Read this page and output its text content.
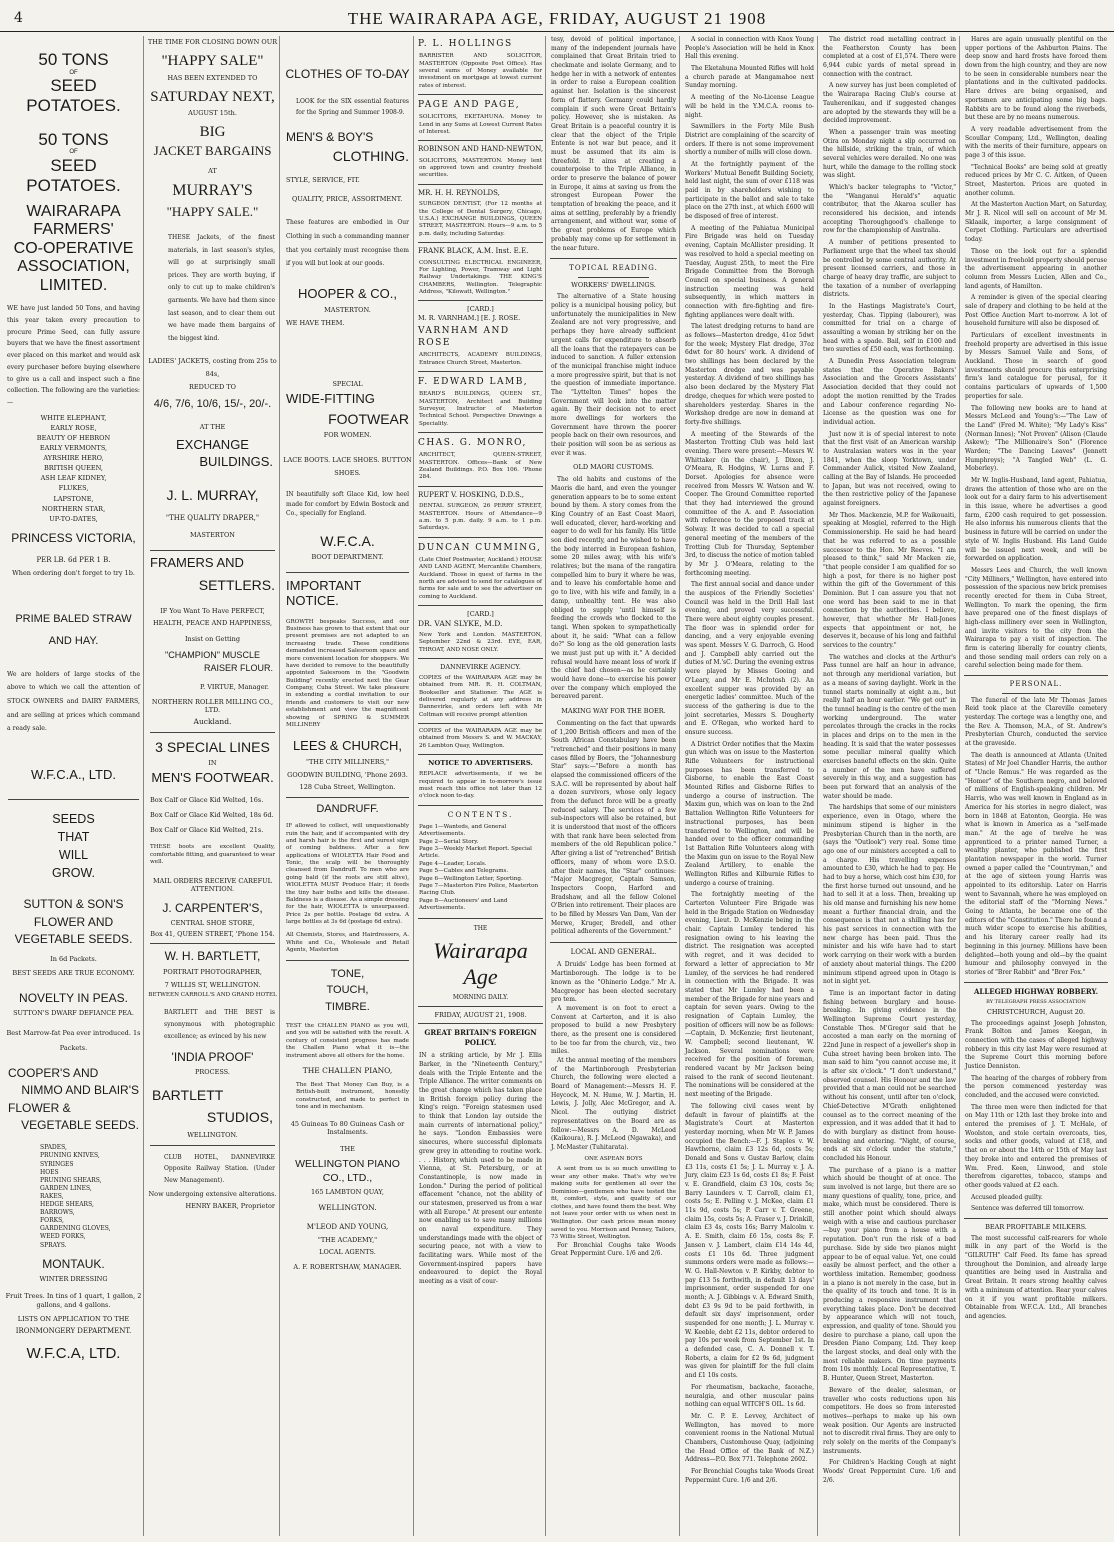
4	THE WAIRARAPA AGE, FRIDAY, AUGUST 21 1908
50 TONS
OF
SEED POTATOES.
50 TONS
OF
SEED POTATOES.
WAIRARAPA
FARMERS'
CO-OPERATIVE
ASSOCIATION,
LIMITED.
WE have just landed 50 Tons, and having this year taken every precaution to procure Prime Seed, can fully assure buyers that we have the finest assortment ever placed on this market and would ask every purchaser before buying elsewhere to give us a call and inspect such a fine collection. The following are the varieties:—
WHITE ELEPHANT,
EARLY ROSE,
BEAUTY OF HEBRON
EARLY VERMONTS,
AYRSHIRE HERO,
BRITISH QUEEN,
ASH LEAF KIDNEY,
FLUKES,
LAPSTONE,
NORTHERN STAR,
UP-TO-DATES,
PRINCESS VICTORIA,
PER LB. 6d PER 1 B.
When ordering don't forget to try 1b.
PRIME BALED STRAW
AND HAY.
We are holders of large stocks of the above to which we call the attention of STOCK OWNERS and DAIRY FARMERS, and are selling at prices which command a ready sale.
W.F.C.A., LTD.
SEEDS
THAT
WILL
GROW.
SUTTON & SON'S
FLOWER AND
VEGETABLE SEEDS.
In 6d Packets.
BEST SEEDS ARE TRUE ECONOMY.
NOVELTY IN PEAS.
SUTTON'S DWARF DEFIANCE PEA.
Best Marrow-fat Pea ever introduced. 1s Packets.
COOPER'S AND
NIMMO AND BLAIR'S
FLOWER &
VEGETABLE SEEDS.
SPADES,
PRUNING KNIVES,
SYRINGES
HOES
PRUNING SHEARS,
GARDEN LINES,
RAKES,
HEDGE SHEARS,
BARROWS,
FORKS,
GARDENING GLOVES,
WEED FORKS,
SPRAYS.
MONTAUK.
WINTER DRESSING
Fruit Trees. In tins of 1 quart, 1 gallon, 2 gallons, and 4 gallons.
LISTS ON APPLICATION TO THE
IRONMONGERY DEPARTMENT.
W.F.C.A, LTD.
THE TIME FOR CLOSING DOWN OUR
"HAPPY SALE"
HAS BEEN EXTENDED TO
SATURDAY NEXT,
AUGUST 15th.
BIG
JACKET BARGAINS
AT
MURRAY'S
"HAPPY SALE."
THESE Jackets, of the finest materials, in last season's styles, will go at surprisingly small prices. They are worth buying, if only to cut up to make children's garments. We have had them since last season, and to clear them out we have made them bargains of the biggest kind.
LADIES' JACKETS, costing from 25s to 84s,
REDUCED TO
4/6, 7/6, 10/6, 15/-, 20/-.
AT THE
EXCHANGE
BUILDINGS.
J. L. MURRAY,
"THE QUALITY DRAPER,"
MASTERTON
FRAMERS AND
SETTLERS.
IF You Want To Have PERFECT, HEALTH, PEACE AND HAPPINESS,
Insist on Getting
"CHAMPION" MUSCLE
RAISER FLOUR.
P. VIRTUE, Manager.
NORTHERN ROLLER MILLING CO., LTD.
Auckland.
3 SPECIAL LINES
IN
MEN'S FOOTWEAR.
Box Calf or Glace Kid Welted, 16s.
Box Calf or Glace Kid Welted, 18s 6d.
Box Calf or Glace Kid Welted, 21s.
THESE boots are excellent Quality, comfortable fitting, and guaranteed to wear well.
MAIL ORDERS RECEIVE CAREFUL ATTENTION.
J. CARPENTER'S,
CENTRAL SHOE STORE,
Box 41, QUEEN STREET, 'Phone 154.
W. H. BARTLETT,
PORTRAIT PHOTOGRAPHER,
7 WILLIS ST, WELLINGTON.
BETWEEN CARROLL'S AND GRAND HOTEL
BARTLETT and THE BEST is synonymous with photographic excellence; as evinced by his new
'INDIA PROOF'
PROCESS.
BARTLETT
STUDIOS,
WELLINGTON.
CLUB HOTEL, DANNEVIRKE Opposite Railway Station. (Under New Management).
Now undergoing extensive alterations.
HENRY BAKER, Proprietor
CLOTHES OF TO-DAY
LOOK for the SIX essential features for the Spring and Summer 1908-9.
MEN'S & BOY'S
CLOTHING.
STYLE, SERVICE, FIT.
QUALITY, PRICE, ASSORTMENT.
These features are embodied in Our Clothing in such a commanding manner that you certainly must recognise them if you will but look at our goods.
HOOPER & CO.,
MASTERTON.
WE HAVE THEM.
SPECIAL
WIDE-FITTING
FOOTWEAR
FOR WOMEN.
LACE BOOTS. LACE SHOES. BUTTON SHOES.
IN beautifully soft Glace Kid, low heel made for comfort by Edwin Bostock and Co., specially for England.
W.F.C.A.
BOOT DEPARTMENT.
IMPORTANT NOTICE.
GROWTH bespeaks Success, and our Business has grown to that extent that our present premises are not adapted to an increasing trade. These conditions demanded increased Salesroom space and more convenient location for shoppers. We have decided to remove to the beautifully appointed Salesroom in the "Goodwin Building" recently erected next the Gear Company, Cuba Street. We take pleasure in extending a cordial invitation to our friends and customers to visit our new establishment and view the magnificent showing of SPRING & SUMMER MILLINERY
LEES & CHURCH,
"THE CITY MILLINERS,"
GOODWIN BUILDING, 'Phone 2693.
128 Cuba Street, Wellington.
DANDRUFF.
IF allowed to collect, will unquestionably ruin the hair, and if accompanied with dry and harsh hair is the first and surest sign of coming baldness. After a few applications of WIOLETTA Hair Food and Tonic, the scalp will be thoroughly cleansed from Dandruff. To men who are going bald (if the roots are still alive), WIOLETTA MUST Produce Hair; it feeds the tiny hair bulbs and kills the disease. Baldness is a disease. As a simple dressing for the hair, WIOLETTA is unsurpassed. Price 2s per bottle. Postage 6d extra. A large bottles at 3s 6d (postage 6d extra).
All Chemists, Stores, and Hairdressers, A. White and Co., Wholesale and Retail Agents, Masterton
TONE,
TOUCH,
TIMBRE.
TEST the CHALLEN PIANO as you will, and you will be satisfied with the result. A century of consistent progress has made the Challen Piano what it is—the instrument above all others for the home.
THE CHALLEN PIANO,
The Best That Money Can Buy, is a British-built instrument, honestly constructed, and made to perfect in tone and in mechanism.
45 Guineas To 80 Guineas Cash or Instalments.
THE
WELLINGTON PIANO
CO., LTD.,
165 LAMBTON QUAY,
WELLINGTON.
M'LEOD AND YOUNG,
"THE ACADEMY,"
LOCAL AGENTS.
A. F. ROBERTSHAW, MANAGER.
P. L. HOLLINGS
BARRISTER AND SOLICITOR, MASTERTON (Opposite Post Office). Has several sums of Money available for investment on mortgage at lowest current rates of interest.
PAGE AND PAGE,
SOLICITORS, EKETAHUNA. Money to Lend in any Sums at Lowest Current Rates of Interest.
ROBINSON AND HAND-NEWTON,
SOLICITORS, MASTERTON. Money lent on approved town and country freehold securities.
MR. H. H. REYNOLDS,
SURGEON DENTIST, (For 12 months at the College of Dental Surgery, Chicago, U.S.A.) EXCHANGE BUILDINGS, QUEEN STREET, MASTERTON. Hours—9 a.m. to 5 p.m. daily, including Saturday.
FRANK BLACK, A.M. Inst. E.E.
CONSULTING ELECTRICAL ENGINEER, For Lighting, Power, Tramway and Light Railway Undertakings. THE KING'S CHAMBERS, Wellington. Telegraphic Address, "Kilowatt, Wellington."
[CARD.]
M. R. VARNHAM.] [E. J. ROSE.
VARNHAM AND ROSE
ARCHITECTS, ACADEMY BUILDINGS, Entrance Church Street, Masterton.
F. EDWARD LAMB,
BEARD'S BUILDINGS, QUEEN ST., MASTERTON, Architect and Building Surveyor, Instructor of Masterton Technical School. Perspective Drawings a Speciality.
CHAS. G. MONRO,
ARCHITECT, QUEEN-STREET, MASTERTON. Offices—Bank of New Zealand Buildings. P.O. Box 106. 'Phone 284.
RUPERT V. HOSKING, D.D.S.,
DENTAL SURGEON, 26 PERRY STREET, MASTERTON. Hours of Attendance—9 a.m. to 5 p.m. daily. 9 a.m. to 1 p.m. Saturdays.
DUNCAN CUMMING,
(Late Chief Postmaster, Auckland.) HOUSE AND LAND AGENT, Mercantile Chambers, Auckland. Those in quest of farms in the north are advised to send for catalogues of farms for sale and to see the advertiser on coming to Auckland.
[CARD.]
DR. VAN SLYKE, M.D.
New York and London. MASTERTON, September 22nd & 23rd. EYE, EAR, THROAT, AND NOSE ONLY.
DANNEVIRKE AGENCY.
COPIES of the WAIRARAPA AGE may be obtained from MR. R. H. COLTMAN, Bookseller and Stationer. The AGE is delivered regularly at any address in Dannevirke, and orders left with Mr Coltman will receive prompt attention
COPIES of the WAIRARAPA AGE may be obtained from Messrs S. and W. MACKAY, 26 Lambton Quay, Wellington.
NOTICE TO ADVERTISERS.
REPLACE advertisements, if we be required to appear in to-morrow's issue must reach this office not later than 12 o'clock noon to-day.
CONTENTS.
Page 1—Wanteds, and General Advertisements.
Page 2—Serial Story.
Page 3—Weekly Market Report. Special Article.
Page 4—Leader, Locals.
Page 5—Cables and Telegrams.
Page 6—Wellington Letter, Sporting.
Page 7—Masterton Fire Police, Masterton Racing Club.
Page 8—Auctioneers' and Land Advertisements.
THE
Wairarapa Age
MORNING DAILY.
FRIDAY, AUGUST 21, 1908.
GREAT BRITAIN'S FOREIGN POLICY.
IN a striking article, by Mr J. Ellis Barker, in the "Nineteenth Century," deals with the Triple Entente and the Triple Alliance. The writer comments on the great change which has taken place in British foreign policy during the King's reign. "Foreign statesmen used to think that London lay outside the main currents of international policy," he says. "London Embassies were sinecures, where successful diplomats grew grey in attending to routine work. . . . History, which used to be made in Vienna, at St. Petersburg, or at Constantinople, is now made in London." During the period of political effacement "chance, not the ability of our statesmen, preserved us from a war with all Europe." At present our entente now enabling us to save many millions on naval expenditure. They understandings made with the object of securing peace, not with a view to facilitating wars. While most of the Government-inspired papers have endeavoured to depict the Royal meeting as a visit of cour-
tesy, devoid of political importance, many of the independent journals have complained that Great Britain tried to checkmate and isolate Germany, and to hedge her in with a network of ententes in order to raise a European coalition against her. Isolation is the sincerest form of flattery. Germany could hardly complain if such were Great Britain's policy. However, she is mistaken. As Great Britain is a peaceful country it is clear that the object of the Triple Entente is not war but peace, and it must be assumed that its aim is threefold. It aims at creating a counterpoise to the Triple Alliance, in order to preserve the balance of power in Europe, it aims at saving us from the strongest European Power the temptation of breaking the peace, and it aims at settling, preferably by a friendly arrangement, and without war, some of the great problems of Europe which probably may come up for settlement in the near future.
TOPICAL READING.
WORKERS' DWELLINGS.
The alternative of a State housing policy is a municipal housing policy, but unfortunately the municipalities in New Zealand are not very progressive, and perhaps they have already sufficient urgent calls for expenditure to absorb all the loans that the ratepayers can be induced to sanction. A fuller extension of the municipal franchise might induce a more progressive spirit, but that is not the question of immediate importance. The "Lyttelton Times" hopes the Government will look into the matter again. By their decision not to erect more dwellings for workers the Government have thrown the poorer people back on their own resources, and their position will soon be as serious as ever it was.
OLD MAORI CUSTOMS.
The old habits and customs of the Maoris die hard, and even the younger generation appears to be to some extent bound by them. A story comes from the King Country of an East Coast Maori, well educated, clever, hard-working and eager to do well for his family. His 'little son died recently, and he wished to have the body interred in European fashion, some 20 miles away, with his wife's relatives; but the mana of the rangatira compelled him to bury it where he was, and to leave his comfortable home and go to live, with his wife and family, in a damp, unhealthy tent. He was also obliged to supply 'until himself is feeding the crowds who flocked to the tangi. When spoken to sympathetically about it, he said: "What can a fellow do?" So long as the old generation lasts we must just put up with it." A decided refusal would have meant loss of work if the chief had chosen—as he certainly would have done—to exercise his power over the company which employed the bereaved parent.
MAKING WAY FOR THE BOER.
Commenting on the fact that upwards of 1,200 British officers and men of the South African Constabulary have been "retrenched" and their positions in many cases filled by Boers, the "Johannesburg Star" says:—"Before a month has elapsed the commissioned officers of the S.A.C. will be represented by about half a dozen survivors, whose only legacy from the defunct force will be a greatly reduced salary. The services of a few sub-inspectors will also be retained, but it is understood that most of the officers with that rank have been selected from members of the old Republican police." After giving a list of "retrenched" British officers, many of whom wore D.S.O. after their names, the "Star" continues: "Major Macgregor, Captain Samson, Inspectors Coopn, Harford and Bradshaw, and all the fellow Colonel O'Brien into retirement. Their places are to be filled by Messrs Van Dam, Van der Merwe, Kruger, Bredell, and other political adherents of the Government."
LOCAL AND GENERAL.
A Druids' Lodge has been formed at Martinborough. The lodge is to be known as the "Ohinerio Lodge." Mr A. Macgregor has been elected secretary pro tem.
A movement is on foot to erect a Convent at Carterton, and it is also proposed to build a new Presbytery there, as the present one is considered to be too far from the church, viz., two miles.
At the annual meeting of the members of the Martinborough Presbyterian Church, the following were elected a Board of Management:—Messrs H. F. Heycock, M. N. Hume, W. J. Martin, H. Lewis, J. Jolly, Alec McGregor, and A. Nicol. The outlying district representatives on the Board are as follow:—Messrs A. D. McLeod (Kaikoura), R. J. McLeod (Ngawaka), and J. McMaster (Tuhitarata).
ONE ASPEAN BOYS
A sent from us is so much unwilling to wear any other make. That's why we're making suits for gentlemen all over the Dominion—gentlemen who have tested the fit, comfort, style, and quality of our clothes, and have found them the best. Why not leave your order with us when next in Wellington. Our cash prices mean money saved to you. Morrison and Penney, Tailors, 73 Willis Street, Wellington.
For Bronchial Coughs take Woods Great Peppermint Cure. 1/6 and 2/6.
A social in connection with Knox Young People's Association will be held in Knox Hall this evening.
The Eketahuna Mounted Rifles will hold a church parade at Mangamahoe next Sunday morning.
A meeting of the No-License League will be held in the Y.M.C.A. rooms to-night.
Sawmillers in the Forty Mile Bush District are complaining of the scarcity of orders. If there is not some improvement shortly a number of mills will close down.
At the fortnightly payment of the Workers' Mutual Benefit Building Society, held last night, the sum of over £118 was paid in by shareholders wishing to participate in the ballot and sale to take place on the 27th inst., at which £600 will be disposed of free of interest.
A meeting of the Pahiatua Municipal Fire Brigade was held on Tuesday evening, Captain McAllister presiding. It was resolved to hold a special meeting on Tuesday, August 25th, to meet the Fire Brigade Committee from the Borough Council on special business. A general instruction meeting was held subsequently, in which matters in connection with fire-fighting and fire-fighting appliances were dealt with.
The latest dredging returns to hand are as follows—Masterton dredge, 41oz 5dwt for the week; Mystery Flat dredge, 37oz 6dwt for 80 hours' work. A dividend of two shillings has been declared by the Masterton dredge and was payable yesterday. A dividend of two shillings has also been declared by the Mystery Flat dredge, cheques for which were posted to shareholders yesterday. Shares in the Workshop dredge are now in demand at forty-five shillings.
A meeting of the Stewards of the Masterton Trotting Club was held last evening. There were present:—Messrs W. Whittaker (in the chair), J. Dixon, J. O'Meara, R. Hodgins, W. Lurns and F. Dorset. Apologies for absence were received from Messrs W. Watson and W. Cooper. The Ground Committee reported that they had interviewed the ground committee of the A. and P. Association with reference to the proposed track at Solway. It was decided to call a special general meeting of the members of the Trotting Club for Thursday, September 3rd, to discuss the notice of motion tabled by Mr J. O'Meara, relating to the forthcoming meeting.
The first annual social and dance under the auspices of the Friendly Societies' Council was held in the Drill Hall last evening, and proved very successful. There were about eighty couples present. The floor was in splendid order for dancing, and a very enjoyable evening was spent. Messrs V. G. Darroch, G. Hood and J. Campbell ably carried out the duties of M.'sC. During the evening extras were played by Misses Gooing and O'Leary, and Mr E. McIntosh (2). An excellent supper was provided by an energetic ladies' committee. Much of the success of the gathering is due to the joint secretaries, Messrs S. Dougherty and E. O'Regan, who worked hard to ensure success.
A District Order notifies that the Maxim gun which was on issue to the Masterton Rifle Volunteers for instructional purposes has been transferred to Gisborne, to enable the East Coast Mounted Rifles and Gisborne Rifles to undergo a course of instruction. The Maxim gun, which was on loan to the 2nd Battalion Wellington Rifle Volunteers for instructional purposes, has been transferred to Wellington, and will be handed over to the officer commanding 1st Battalion Rifle Volunteers along with the Maxim gun on issue to the Royal New Zealand Artillery, to enable the Wellington Rifles and Kilburnie Rifles to undergo a course of training.
The fortnightly meeting of the Carterton Volunteer Fire Brigade was held in the Brigade Station on Wednesday evening, Lieut. D. McKenzie being in the chair. Captain Lumley tendered his resignation owing to his leaving the district. The resignation was accepted with regret, and it was decided to forward a letter of appreciation to Mr Lumley, of the services he had rendered in connection with the Brigade. It was stated that Mr Lumley had been a member of the Brigade for nine years and captain for seven years. Owing to the resignation of Captain Lumley, the position of officers will now be as follows:—Captain, D. McKenzie; first lieutenant, W. Campbell; second lieutenant, W. Jackson. Several nominations were received for the position of foreman, rendered vacant by Mr Jackson being raised to the rank of second lieutenant. The nominations will be considered at the next meeting of the Brigade.
The following civil cases went by default in favour of plaintiffs at the Magistrate's Court at Masterton yesterday morning, when Mr W. P. James occupied the Bench:—F. J. Staples v. W. Hawthorne, claim £3 12s 6d, costs 5s; Donald and Sons v. Gustav Barlow, claim £3 11s, costs £1 5s; J. L. Murray v. J. A. Jury, claim £23 1s 6d, costs £1 8s; F. Feist v. E. Grandfield, claim £3 10s, costs 5s; Barry Launders v. T. Carroll, claim £1, costs 5s; E. Pelling v. J. McKee, claim £1 11s 9d, costs 5s; P. Carr v. T. Greene, claim 15s, costs 5s; A. Fraser v. J. Drinkill, claim £3 4s, costs 16s; Barry Malcolm v. A. E. Smith, claim £6 15s, costs 8s; F. Jansen v. J. Lambert, claim £14 14s 4d, costs £1 10s 6d. Three judgment summons orders were made as follows:—W. G. Hall-Newton v. P. Kirkby, debtor to pay £13 5s forthwith, in default 13 days' imprisonment, order suspended for one month; A. J. Gibbings v. A. Edward Smith, debt £3 9s 9d to be paid forthwith, in default six days' imprisonment, order suspended for one month; J. L. Murray v. W. Keeble, debt £2 11s, debtor ordered to pay 10s per week from September 1st. In a defended case, C. A. Donnell v. T. Roberts, a claim for £2 9s 6d, judgment was given for plaintiff for the full claim and £1 10s costs.
For rheumatism, backache, faceache, neuralgia, and other muscular pains nothing can equal WITCH'S OIL. 1s 6d.
Mr. C. P. E. Levvey, Architect of Wellington, has moved to more convenient rooms in the National Mutual Chambers, Customhouse Quay, (adjoining the Head Office of the Bank of N.Z.) Address—P.O. Box 771. Telephone 2602.
For Bronchial Coughs take Woods Great Peppermint Cure. 1/6 and 2/6.
The district road metalling contract in the Featherston County has been completed at a cost of £1,574. There were 6,944 cubic yards of metal spread in connection with the contract.
A new survey has just been completed of the Wairarapa Racing Club's course at Tauherenikau, and if suggested changes are adopted by the stewards they will be a decided improvement.
When a passenger train was meeting Otira on Monday night a slip occurred on the hillside, striking the train, of which several vehicles were derailed. No one was hurt, while the damage to the rolling stock was slight.
Which's backer telegraphs to "Victor," the "Wanganui Herald's" aquatic contributor, that the Akaroa sculler has reconsidered his decision, and intends accepting Thoroughgood's challenge to row for the championship of Australia.
A number of petitions presented to Parliament urge that the wheel tax should be controlled by some central authority. At present licensed carriers, and those in charge of heavy dray traffic, are subject to the taxation of a number of overlapping districts.
In the Hastings Magistrate's Court, yesterday, Chas. Tipping (labourer), was committed for trial on a charge of assaulting a woman by striking her on the head with a spade. Bail, self in £100 and two sureties of £50 each, was forthcoming.
A Dunedin Press Association telegram states that the Operative Bakers' Association and the Grocers Assistants' Association decided that they could not adopt the motion remitted by the Trades and Labour conference regarding No-License as the question was one for individual action.
Just now it is of special interest to note that the first visit of an American warship to Australasian waters was in the year 1841, when the sloop Yorktown, under Commander Aulick, visited New Zealand, calling at the Bay of Islands. He proceeded to Japan, but was not received, owing to the then restrictive policy of the Japanese against foreigners.
Mr Thos. Mackenzie, M.P. for Waikouaiti, speaking at Mosgiel, referred to the High Commissionership. He said he had heard that he was referred to as a possible successor to the Hon. Mr Reeves. "I am pleased to think," said Mr Macken zie, "that people consider I am qualified for so high a post, for there is no higher post within the gift of the Government of this Dominion. But I can assure you that not one word has been said to me in that connection by the authorities. I believe, however, that whether Mr Hall-Jones expects that appointment or not, he deserves it, because of his long and faithful services to the country."
The watches and clocks at the Arthur's Pass tunnel are half an hour in advance, not through any meridional variation, but as a means of saving daylight. Work in the tunnel starts nominally at eight a.m., but really half an hour earlier. "We get out" in the tunnel heading is the centre of the men working underground. The water percolates through the cracks in the rocks in places and drips on to the men in the heading. It is said that the water possesses some peculiar mineral quality which exercises baneful effects on the skin. Quite a number of the men have suffered severely in this way, and a suggestion has been put forward that an analysis of the water should be made.
The hardships that some of our ministers experience, even in Otago, where the minimum stipend is higher in the Presbyterian Church than in the north, are (says the "Outlook") very real. Some time ago one of our ministers accepted a call to a charge. His travelling expenses amounted to £30, which he had to pay. He had to buy a horse, which cost him £30, for the first horse turned out unsound, and he had to sell it at a loss. Then, breaking up his old manse and furnishing his new home meant a further financial drain, and the consequence is that not a shilling has for his past services in connection with the new charge has been paid. Thus the minister and his wife have had to start work carrying on their work with a burden of anxiety about material things. The £200 minimum stipend agreed upon in Otago is not in sight yet.
Time is an important factor in dating fishing between burglary and house-breaking. In giving evidence in the Wellington Supreme Court yesterday, Constable Thos. M'Gregor said that he accosted a man early on the morning of 22nd June in respect of a jeweller's shop in Cuba street having been broken into. The man said to him "you cannot accuse me, it is after six o'clock." "I don't understand," observed counsel. His Honour and the law provided that a man could not be searched without his consent, until after ten o'clock, Chief-Detective M'Grath enlightened counsel as to the correct meaning of the expression, and it was added that it had to do with burglary as distinct from house-breaking and entering. "Night, of course, ends at six o'clock under the statute," concluded his Honour.
The purchase of a piano is a matter which should be thought of at once. The sum involved is not large, but there are so many questions of quality, tone, price, and make, which must be considered. There is still another point which should always weigh with a wise and cautious purchaser—buy your piano from a house with a reputation. Don't run the risk of a bad purchase. Side by side two pianos might appear to be of equal value. Yet, one could easily be almost perfect, and the other a worthless imitation. Remember, goodness in a piano is not merely in the case, but in the quality of its touch and tone. It is in producing a responsive instrument that everything takes place. Don't be deceived by appearance which will not touch, expression, and quality of tone. Should you desire to purchase a piano, call upon the Dresden Piano Company, Ltd. They keep the largest stocks, and deal only with the most reliable makers. On time payments from 10s monthly. Local Representative, T. B. Hunter, Queen Street, Masterton.
Beware of the dealer, salesman, or traveller who costs reductions upon his competitors. He does so from interested motives—perhaps to make up his own weak position. Our Agents are instructed not to discredit rival firms. They are only to rely solely on the merits of the Company's instruments.
For Children's Hacking Cough at night Woods' Great Peppermint Cure. 1/6 and 2/6.
Hares are again unusually plentiful on the upper portions of the Ashburton Plains. The deep snow and hard frosts have forced them down from the high country, and they are now to be seen in considerable numbers near the plantations and in the cultivated paddocks. Hare drives are being organised, and sportsmen are anticipating some big bags. Rabbits are to be found along the riverbeds, but these are by no means numerous.
A very readable advertisement from the Scoullar Company, Ltd., Wellington, dealing with the merits of their furniture, appears on page 3 of this issue.
"Technical Books" are being sold at greatly reduced prices by Mr C. C. Aitken, of Queen Street, Masterton. Prices are quoted in another column.
At the Masterton Auction Mart, on Saturday, Mr J. R. Nicol will sell on account of Mr M. Sklaaik, importer, a large consignment of Cerpet Clothing. Particulars are advertised today.
Those on the look out for a splendid investment in freehold property should peruse the advertisement appearing in another column from Messrs Lucien, Allen and Co., land agents, of Hamilton.
A reminder is given of the special clearing sale of drapery and clothing to be held at the Post Office Auction Mart to-morrow. A lot of household furniture will also be disposed of.
Particulars of excellent investments in freehold property are advertised in this issue by Messrs Samuel Vaile and Sons, of Auckland. Those in search of good investments should procure this enterprising firm's land catalogue for perusal, for it contains particulars of upwards of 1,500 properties for sale.
The following new books are to hand at Messrs McLeod and Young's:—"The Law of the Land" (Fred M. White); "My Lady's Kiss" (Norman Innes); "Not Proven" (Alison (Claude Askew); "The Millionaire's Son" (Florence Warden; "The Dancing Leaves" (Jennett Humphreys); "A Tangled Web" (L. G. Moberley).
Mr W. Inglis-Husband, land agent, Pahiatua, draws the attention of those who are on the look out for a dairy farm to his advertisement in this issue, where he advertises a good farm, £200 cash required to get possession. He also informs his numerous clients that the business in future will be carried on under the style of W. Inglis Husband. His Land Guide will be issued next week, and will be forwarded on application.
Messrs Lees and Church, the well known "City Milliners," Wellington, have entered into possession of the spacious new brick premises recently erected for them in Cuba Street, Wellington. To mark the opening, the firm have prepared one of the finest displays of high-class millinery ever seen in Wellington, and invite visitors to the city from the Wairarapa to pay a visit of inspection. The firm is catering liberally for country clients, and those sending mail orders can rely on a careful selection being made for them.
PERSONAL.
The funeral of the late Mr Thomas James Reid took place at the Clareville cemetery yesterday. The cortege was a lengthy one, and the Rev. A. Thomson, M.A., of St. Andrew's Presbyterian Church, conducted the service at the graveside.
The death is announced at Atlanta (United States) of Mr Joel Chandler Harris, the author of "Uncle Remus." He was regarded as the "Homer" of the Southern negro, and beloved of millions of English-speaking children. Mr Harris, who was well known in England as in America for his stories in negro dialect, was born in 1848 at Eatonton, Georgia. He was what is known in America as a "self-made man." At the age of twelve he was apprenticed to a printer named Turner, a wealthy planter, who published the first plantation newspaper in the world. Turner owned a paper called the "Countryman," and at the age of sixteen young Harris was appointed to its editorship. Later on Harris went to Savannah, where he was employed on the editorial staff of the "Morning News." Going to Atlanta, he became one of the editors of the "Constitution." There he found a much wider scope to exercise his abilities, and his literary career really had its beginning in this journey. Millions have been delighted—both young and old—by the quaint humour and philosophy conveyed in the stories of "Brer Rabbit" and "Brer Fox."
ALLEGED HIGHWAY ROBBERY.
BY TELEGRAPH PRESS ASSOCIATION
CHRISTCHURCH, August 20.
The proceedings against Joseph Johnston, Frank Bolton and James Keegan, in connection with the cases of alleged highway robbery in this city last May were resumed at the Supreme Court this morning before Justice Denniston.
The hearing of the charges of robbery from the person commenced yesterday was concluded, and the accused were convicted.
The three men were then indicted for that on May 11th or 12th last they broke into and entered the premises of J. T. McHale, of Woolston, and stole certain overcoats, ties, socks and other goods, valued at £18, and that on or about the 14th or 15th of May last they broke into and entered the premises of Wm. Fred. Keen, Linwood, and stole therefrom cigarettes, tobacco, stamps and other goods valued at £2 each.
Accused pleaded guilty.
Sentence was deferred till tomorrow.
BEAR PROFITABLE MILKERS.
The most successful calf-rearers for whole milk in any part of the World is the "GILRUTH" Calf Feed. Its fame has spread throughout the Dominion, and already large quantities are being used in Australia and Great Britain. It rears strong healthy calves with a minimum of attention. Rear your calves on it if you want profitable milkers. Obtainable from W.F.C.A. Ltd., All branches and agencies.
